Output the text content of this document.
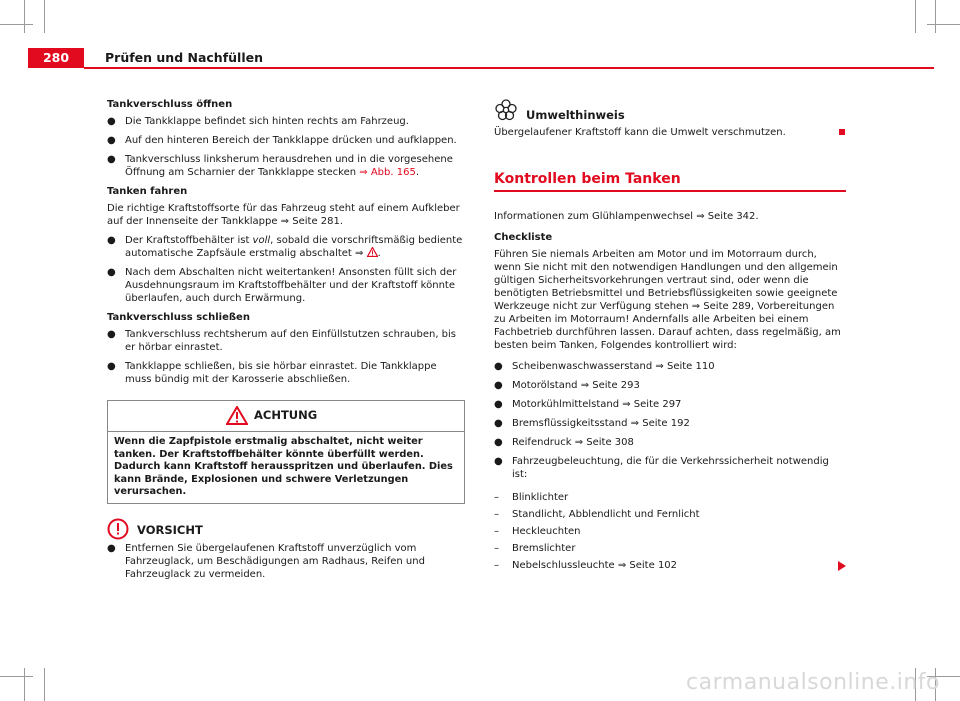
280	Prüfen und Nachfüllen
Tankverschluss öffnen
● Die Tankklappe befindet sich hinten rechts am Fahrzeug.
● Auf den hinteren Bereich der Tankklappe drücken und aufklappen.
● Tankverschluss linksherum herausdrehen und in die vorgesehene Öffnung am Scharnier der Tankklappe stecken ⇒ Abb. 165.
Tanken fahren
Die richtige Kraftstoffsorte für das Fahrzeug steht auf einem Aufkleber auf der Innenseite der Tankklappe ⇒ Seite 281.
● Der Kraftstoffbehälter ist voll, sobald die vorschriftsmäßig bediente automatische Zapfsäule erstmalig abschaltet ⇒ .
● Nach dem Abschalten nicht weitertanken! Ansonsten füllt sich der Ausdehnungsraum im Kraftstoffbehälter und der Kraftstoff könnte überlaufen, auch durch Erwärmung.
Tankverschluss schließen
● Tankverschluss rechtsherum auf den Einfüllstutzen schrauben, bis er hörbar einrastet.
● Tankklappe schließen, bis sie hörbar einrastet. Die Tankklappe muss bündig mit der Karosserie abschließen.
ACHTUNG
Wenn die Zapfpistole erstmalig abschaltet, nicht weiter tanken. Der Kraftstoffbehälter könnte überfüllt werden. Dadurch kann Kraftstoff herausspritzen und überlaufen. Dies kann Brände, Explosionen und schwere Verletzungen verursachen.
VORSICHT
● Entfernen Sie übergelaufenen Kraftstoff unverzüglich vom Fahrzeuglack, um Beschädigungen am Radhaus, Reifen und Fahrzeuglack zu vermeiden.
Umwelthinweis
Übergelaufener Kraftstoff kann die Umwelt verschmutzen.
Kontrollen beim Tanken
Informationen zum Glühlampenwechsel ⇒ Seite 342.
Checkliste
Führen Sie niemals Arbeiten am Motor und im Motorraum durch, wenn Sie nicht mit den notwendigen Handlungen und den allgemein gültigen Sicherheitsvorkehrungen vertraut sind, oder wenn die benötigten Betriebsmittel und Betriebsflüssigkeiten sowie geeignete Werkzeuge nicht zur Verfügung stehen ⇒ Seite 289, Vorbereitungen zu Arbeiten im Motorraum! Andernfalls alle Arbeiten bei einem Fachbetrieb durchführen lassen. Darauf achten, dass regelmäßig, am besten beim Tanken, Folgendes kontrolliert wird:
● Scheibenwaschwasserstand ⇒ Seite 110
● Motorölstand ⇒ Seite 293
● Motorkühlmittelstand ⇒ Seite 297
● Bremsflüssigkeitsstand ⇒ Seite 192
● Reifendruck ⇒ Seite 308
● Fahrzeugbeleuchtung, die für die Verkehrssicherheit notwendig ist:
– Blinklichter
– Standlicht, Abblendlicht und Fernlicht
– Heckleuchten
– Bremslichter
– Nebelschlussleuchte ⇒ Seite 102
carmanualsonline.info
